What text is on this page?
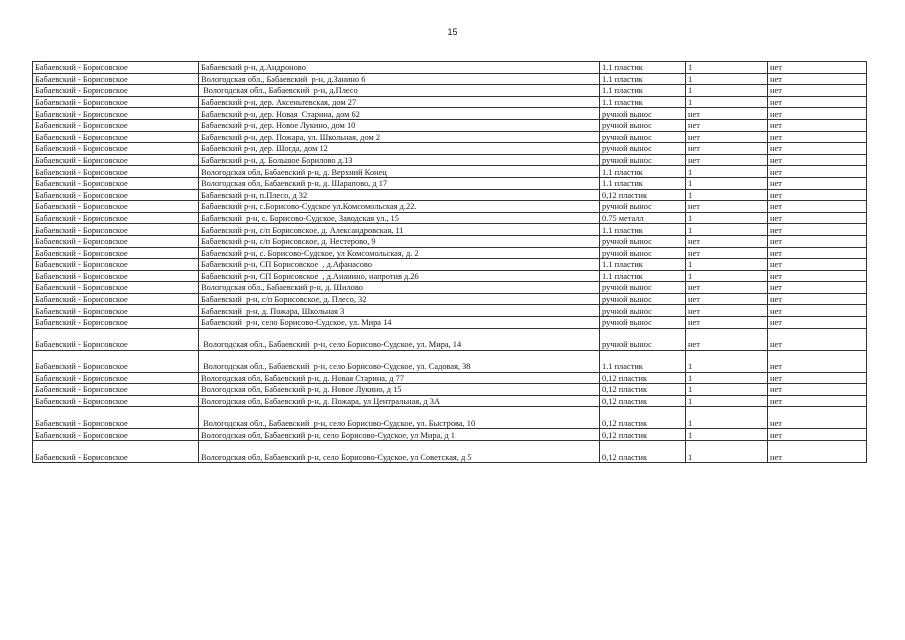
15
Бабаевский - Борисовское	Бабаевский р-н, д.Андроново	1.1 пластик	1	нет
Бабаевский - Борисовское	Вологодская обл., Бабаевский  р-н, д.Занино 6	1.1 пластик	1	нет
Бабаевский - Борисовское	Вологодская обл., Бабаевский  р-н, д.Плесо	1.1 пластик	1	нет
Бабаевский - Борисовское	Бабаевский р-н, дер. Аксеньтевская, дом 27	1.1 пластик	1	нет
Бабаевский - Борисовское	Бабаевский р-н, дер. Новая  Старина, дом 62	ручной вынос	нет	нет
Бабаевский - Борисовское	Бабаевский р-н, дер. Новое Лукино, дом 10	ручной вынос	нет	нет
Бабаевский - Борисовское	Бабаевский р-н, дер. Пожара, ул. Школьная, дом 2	ручной вынос	нет	нет
Бабаевский - Борисовское	Бабаевский р-н, дер. Шогда, дом 12	ручной вынос	нет	нет
Бабаевский - Борисовское	Бабаевский р-н, д. Большое Борилово д.13	ручной вынос	нет	нет
Бабаевский - Борисовское	Вологодская обл, Бабаевский р-н, д. Верхний Конец	1.1 пластик	1	нет
Бабаевский - Борисовское	Вологодская обл, Бабаевский р-н, д. Шарапово, д 17	1.1 пластик	1	нет
Бабаевский - Борисовское	Бабаевский р-н, п.Плесо, д 32	0,12 пластик	1	нет
Бабаевский - Борисовское	Бабаевский р-н, с.Борисово-Судское ул.Комсомольская д.22.	ручной вынос	нет	нет
Бабаевский - Борисовское	Бабаевский  р-н, с. Борисово-Судское, Заводская ул., 15	0.75 металл	1	нет
Бабаевский - Борисовское	Бабаевский р-н, с/п Борисовское, д. Александровская, 11	1.1 пластик	1	нет
Бабаевский - Борисовское	Бабаевский р-н, с/п Борисовское, д. Нестерово, 9	ручной вынос	нет	нет
Бабаевский - Борисовское	Бабаевский р-н, с. Борисово-Судское, ул Комсомольская, д. 2	ручной вынос	нет	нет
Бабаевский - Борисовское	Бабаевский р-н, СП Борисовское  , д.Афанасово	1.1 пластик	1	нет
Бабаевский - Борисовское	Бабаевский р-н, СП Борисовское  , д.Ананино, напротив д.26	1.1 пластик	1	нет
Бабаевский - Борисовское	Вологодская обл., Бабаевский р-н, д. Шилово	ручной вынос	нет	нет
Бабаевский - Борисовское	Бабаевский  р-н, с/п Борисовское, д. Плесо, 32	ручной вынос	нет	нет
Бабаевский - Борисовское	Бабаевский  р-н, д. Пожара, Школьная 3	ручной вынос	нет	нет
Бабаевский - Борисовское	Бабаевский  р-н, село Борисово-Судское, ул. Мира 14	ручной вынос	нет	нет
Бабаевский - Борисовское	Вологодская обл., Бабаевский  р-н, село Борисово-Судское, ул. Мира, 14	ручной вынос	нет	нет
Бабаевский - Борисовское	Вологодская обл., Бабаевский  р-н, село Борисово-Судское, ул. Садовая, 38	1.1 пластик	1	нет
Бабаевский - Борисовское	Вологодская обл, Бабаевский р-н, д. Новая Старина, д 77	0,12 пластик	1	нет
Бабаевский - Борисовское	Вологодская обл, Бабаевский р-н, д. Новое Лукино, д 15	0,12 пластик	1	нет
Бабаевский - Борисовское	Вологодская обл, Бабаевский р-н, д. Пожара, ул Центральная, д 3А	0,12 пластик	1	нет
Бабаевский - Борисовское	Вологодская обл., Бабаевский  р-н, село Борисово-Судское, ул. Быстрова, 10	0,12 пластик	1	нет
Бабаевский - Борисовское	Вологодская обл, Бабаевский р-н, село Борисово-Судское, ул Мира, д 1	0,12 пластик	1	нет
Бабаевский - Борисовское	Вологодская обл, Бабаевский р-н, село Борисово-Судское, ул Советская, д 5	0,12 пластик	1	нет
